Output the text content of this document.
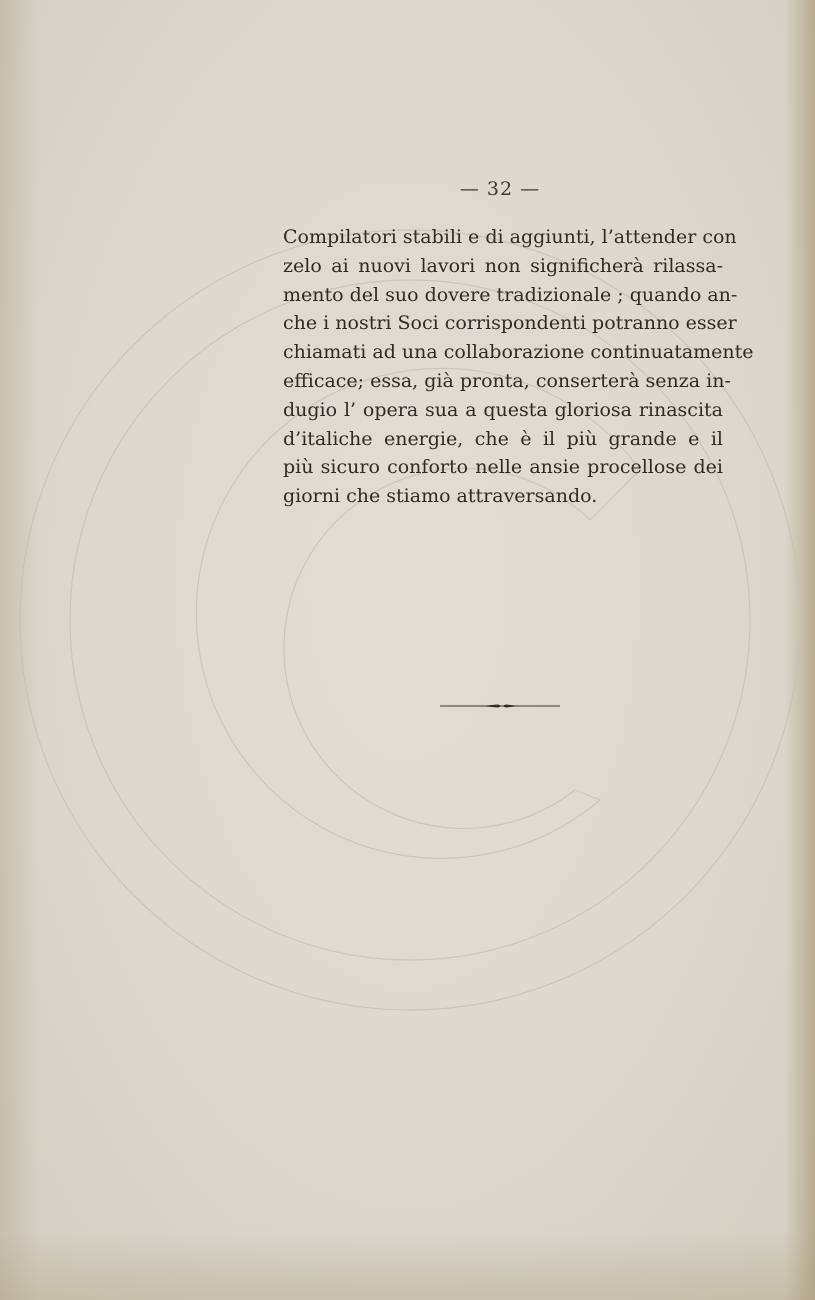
— 32 —
Compilatori stabili e di aggiunti, l’attender con
zelo ai nuovi lavori non significherà rilassa-
mento del suo dovere tradizionale ; quando an-
che i nostri Soci corrispondenti potranno esser
chiamati ad una collaborazione continuatamente
efficace; essa, già pronta, conserterà senza in-
dugio l’ opera sua a questa gloriosa rinascita
d’italiche energie, che è il più grande e il
più sicuro conforto nelle ansie procellose dei
giorni che stiamo attraversando.
